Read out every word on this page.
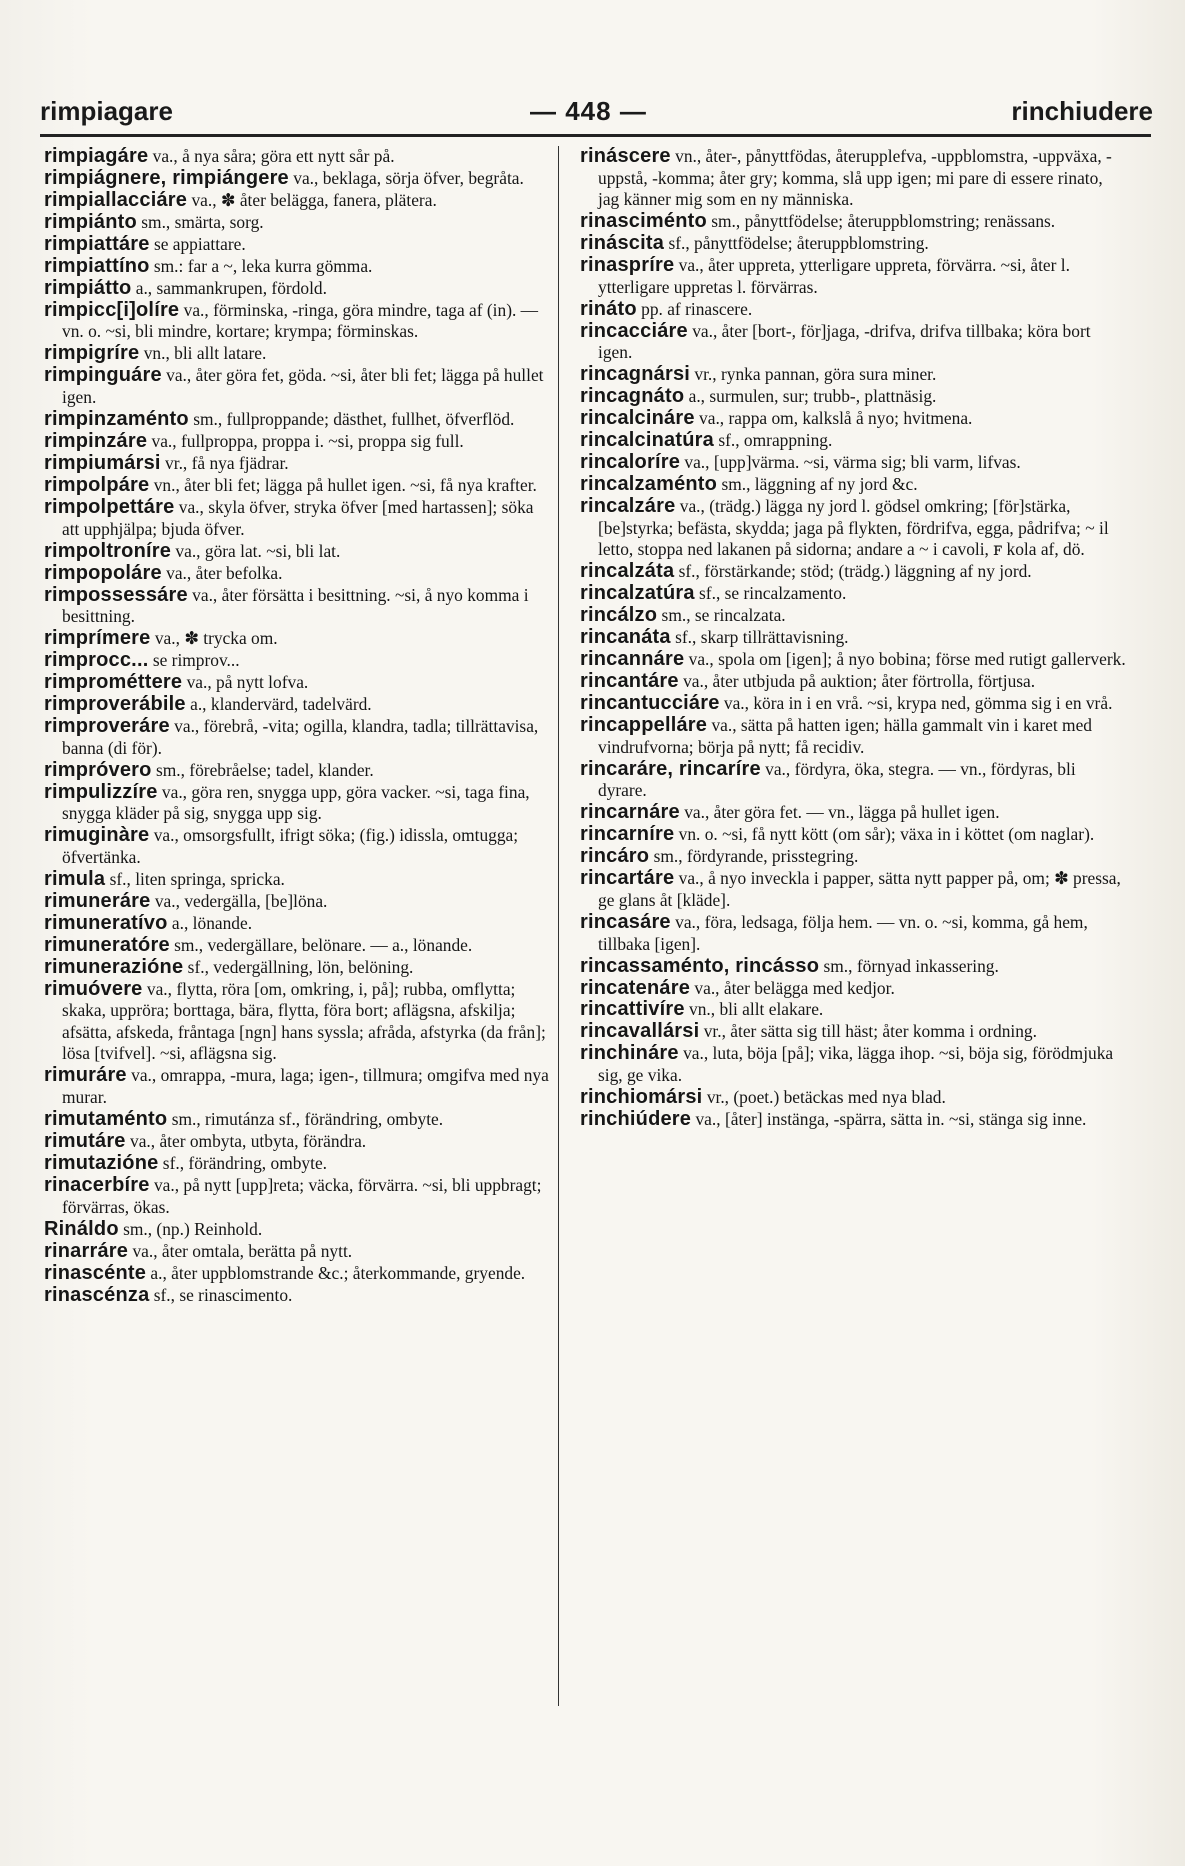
rimpiagare	— 448 —	rinchiudere

rimpiagáre va., å nya såra; göra ett nytt sår på.

rimpiágnere, rimpiángere va., beklaga, sörja öfver, begråta.

rimpiallacciáre va., ✽ åter belägga, fanera, plätera.

rimpiánto sm., smärta, sorg.

rimpiattáre se appiattare.

rimpiattíno sm.: far a ~, leka kurra gömma.

rimpiátto a., sammankrupen, fördold.

rimpicc[i]olíre va., förminska, -ringa, göra mindre, taga af (in). — vn. o. ~si, bli mindre, kortare; krympa; förminskas.

rimpigríre vn., bli allt latare.

rimpinguáre va., åter göra fet, göda. ~si, åter bli fet; lägga på hullet igen.

rimpinzaménto sm., fullproppande; dästhet, fullhet, öfverflöd.

rimpinzáre va., fullproppa, proppa i. ~si, proppa sig full.

rimpiumársi vr., få nya fjädrar.

rimpolpáre vn., åter bli fet; lägga på hullet igen. ~si, få nya krafter.

rimpolpettáre va., skyla öfver, stryka öfver [med hartassen]; söka att upphjälpa; bjuda öfver.

rimpoltroníre va., göra lat. ~si, bli lat.

rimpopoláre va., åter befolka.

rimpossessáre va., åter försätta i besittning. ~si, å nyo komma i besittning.

rimprímere va., ✽ trycka om.

rimprocc... se rimprov...

rimprométtere va., på nytt lofva.

rimproverábile a., klandervärd, tadelvärd.

rimproveráre va., förebrå, -vita; ogilla, klandra, tadla; tillrättavisa, banna (di för).

rimpróvero sm., förebråelse; tadel, klander.

rimpulizzíre va., göra ren, snygga upp, göra vacker. ~si, taga fina, snygga kläder på sig, snygga upp sig.

rimuginàre va., omsorgsfullt, ifrigt söka; (fig.) idissla, omtugga; öfvertänka.

rimula sf., liten springa, spricka.

rimuneráre va., vedergälla, [be]löna.

rimuneratívo a., lönande.

rimuneratóre sm., vedergällare, belönare. — a., lönande.

rimunerazióne sf., vedergällning, lön, belöning.

rimuóvere va., flytta, röra [om, omkring, i, på]; rubba, omflytta; skaka, uppröra; borttaga, bära, flytta, föra bort; aflägsna, afskilja; afsätta, afskeda, fråntaga [ngn] hans syssla; afråda, afstyrka (da från]; lösa [tvifvel]. ~si, aflägsna sig.

rimuráre va., omrappa, -mura, laga; igen-, tillmura; omgifva med nya murar.

rimutaménto sm., rimutánza sf., förändring, ombyte.

rimutáre va., åter ombyta, utbyta, förändra.

rimutazióne sf., förändring, ombyte.

rinacerbíre va., på nytt [upp]reta; väcka, förvärra. ~si, bli uppbragt; förvärras, ökas.

Rináldo sm., (np.) Reinhold.

rinarráre va., åter omtala, berätta på nytt.

rinascénte a., åter uppblomstrande &c.; återkommande, gryende.

rinascénza sf., se rinascimento.

rináscere vn., åter-, pånyttfödas, återupplefva, -uppblomstra, -uppväxa, -uppstå, -komma; åter gry; komma, slå upp igen; mi pare di essere rinato, jag känner mig som en ny människa.

rinasciménto sm., pånyttfödelse; återuppblomstring; renässans.

rináscita sf., pånyttfödelse; återuppblomstring.

rinaspríre va., åter uppreta, ytterligare uppreta, förvärra. ~si, åter l. ytterligare uppretas l. förvärras.

rináto pp. af rinascere.

rincacciáre va., åter [bort-, för]jaga, -drifva, drifva tillbaka; köra bort igen.

rincagnársi vr., rynka pannan, göra sura miner.

rincagnáto a., surmulen, sur; trubb-, plattnäsig.

rincalcináre va., rappa om, kalkslå å nyo; hvitmena.

rincalcinatúra sf., omrappning.

rincaloríre va., [upp]värma. ~si, värma sig; bli varm, lifvas.

rincalzaménto sm., läggning af ny jord &c.

rincalzáre va., (trädg.) lägga ny jord l. gödsel omkring; [för]stärka, [be]styrka; befästa, skydda; jaga på flykten, fördrifva, egga, pådrifva; ~ il letto, stoppa ned lakanen på sidorna; andare a ~ i cavoli, ꜰ kola af, dö.

rincalzáta sf., förstärkande; stöd; (trädg.) läggning af ny jord.

rincalzatúra sf., se rincalzamento.

rincálzo sm., se rincalzata.

rincanáta sf., skarp tillrättavisning.

rincannáre va., spola om [igen]; å nyo bobina; förse med rutigt gallerverk.

rincantáre va., åter utbjuda på auktion; åter förtrolla, förtjusa.

rincantucciáre va., köra in i en vrå. ~si, krypa ned, gömma sig i en vrå.

rincappelláre va., sätta på hatten igen; hälla gammalt vin i karet med vindrufvorna; börja på nytt; få recidiv.

rincaráre, rincaríre va., fördyra, öka, stegra. — vn., fördyras, bli dyrare.

rincarnáre va., åter göra fet. — vn., lägga på hullet igen.

rincarníre vn. o. ~si, få nytt kött (om sår); växa in i köttet (om naglar).

rincáro sm., fördyrande, prisstegring.

rincartáre va., å nyo inveckla i papper, sätta nytt papper på, om; ✽ pressa, ge glans åt [kläde].

rincasáre va., föra, ledsaga, följa hem. — vn. o. ~si, komma, gå hem, tillbaka [igen].

rincassaménto, rincásso sm., förnyad inkassering.

rincatenáre va., åter belägga med kedjor.

rincattivíre vn., bli allt elakare.

rincavallársi vr., åter sätta sig till häst; åter komma i ordning.

rinchináre va., luta, böja [på]; vika, lägga ihop. ~si, böja sig, förödmjuka sig, ge vika.

rinchiomársi vr., (poet.) betäckas med nya blad.

rinchiúdere va., [åter] instänga, -spärra, sätta in. ~si, stänga sig inne.
